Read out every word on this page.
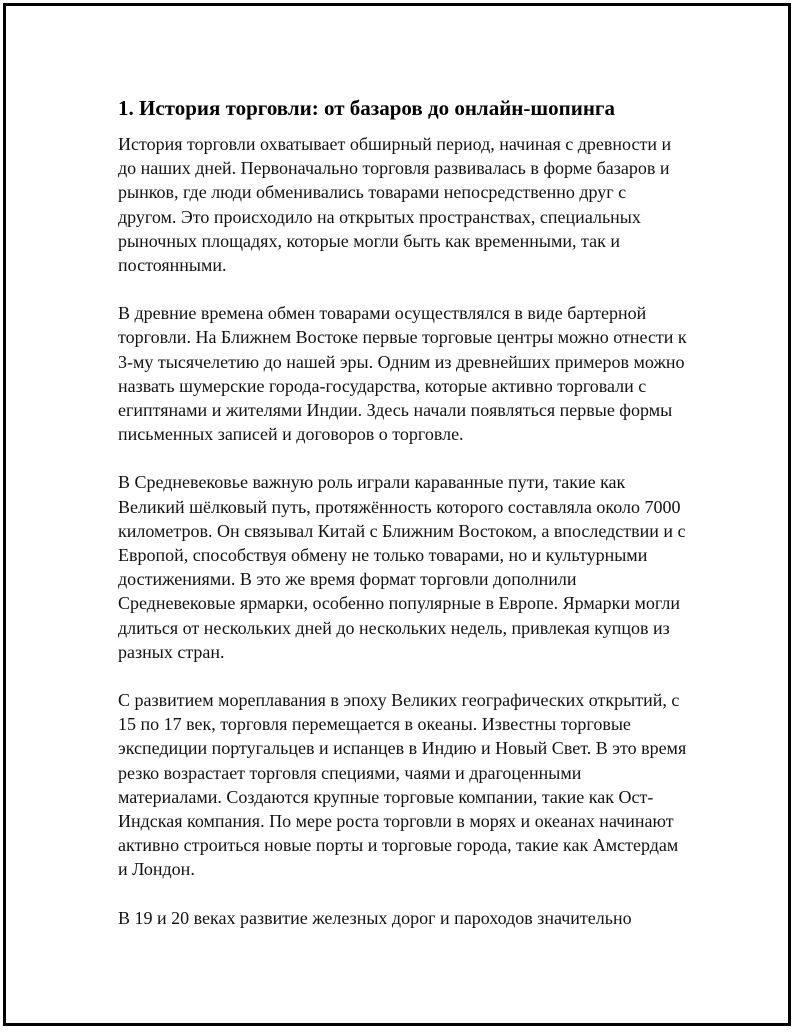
1. История торговли: от базаров до онлайн-шопинга

История торговли охватывает обширный период, начиная с древности и до наших дней. Первоначально торговля развивалась в форме базаров и рынков, где люди обменивались товарами непосредственно друг с другом. Это происходило на открытых пространствах, специальных рыночных площадях, которые могли быть как временными, так и постоянными.

В древние времена обмен товарами осуществлялся в виде бартерной торговли. На Ближнем Востоке первые торговые центры можно отнести к 3-му тысячелетию до нашей эры. Одним из древнейших примеров можно назвать шумерские города-государства, которые активно торговали с египтянами и жителями Индии. Здесь начали появляться первые формы письменных записей и договоров о торговле.

В Средневековье важную роль играли караванные пути, такие как Великий шёлковый путь, протяжённость которого составляла около 7000 километров. Он связывал Китай с Ближним Востоком, а впоследствии и с Европой, способствуя обмену не только товарами, но и культурными достижениями. В это же время формат торговли дополнили Средневековые ярмарки, особенно популярные в Европе. Ярмарки могли длиться от нескольких дней до нескольких недель, привлекая купцов из разных стран.

С развитием мореплавания в эпоху Великих географических открытий, с 15 по 17 век, торговля перемещается в океаны. Известны торговые экспедиции португальцев и испанцев в Индию и Новый Свет. В это время резко возрастает торговля специями, чаями и драгоценными материалами. Создаются крупные торговые компании, такие как Ост-Индская компания. По мере роста торговли в морях и океанах начинают активно строиться новые порты и торговые города, такие как Амстердам и Лондон.

В 19 и 20 веках развитие железных дорог и пароходов значительно
